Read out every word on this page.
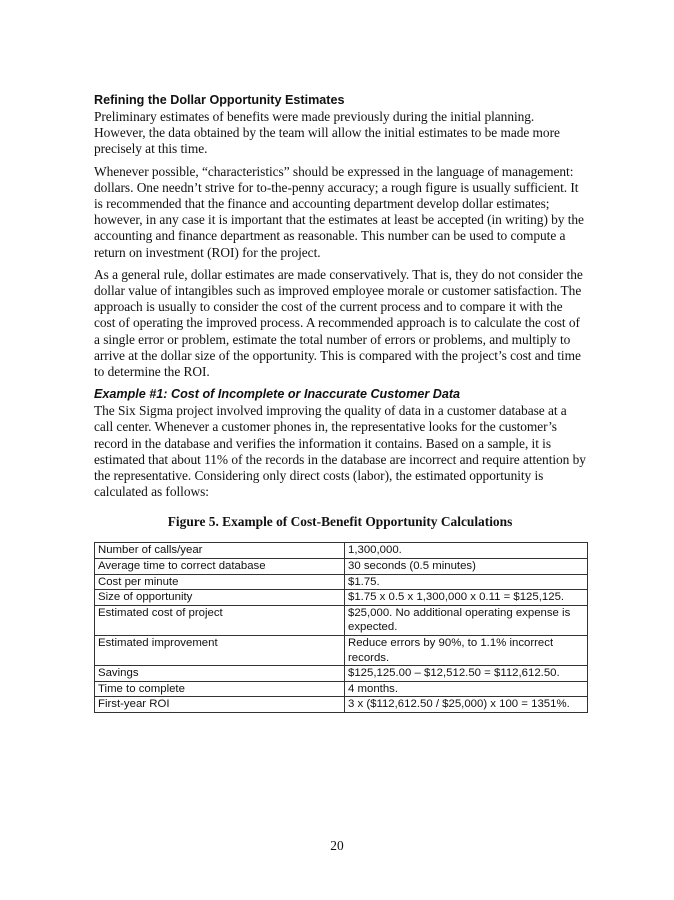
Refining the Dollar Opportunity Estimates

Preliminary estimates of benefits were made previously during the initial planning. However, the data obtained by the team will allow the initial estimates to be made more precisely at this time.

Whenever possible, “characteristics” should be expressed in the language of management: dollars. One needn’t strive for to-the-penny accuracy; a rough figure is usually sufficient. It is recommended that the finance and accounting department develop dollar estimates; however, in any case it is important that the estimates at least be accepted (in writing) by the accounting and finance department as reasonable. This number can be used to compute a return on investment (ROI) for the project.

As a general rule, dollar estimates are made conservatively. That is, they do not consider the dollar value of intangibles such as improved employee morale or customer satisfaction. The approach is usually to consider the cost of the current process and to compare it with the cost of operating the improved process. A recommended approach is to calculate the cost of a single error or problem, estimate the total number of errors or problems, and multiply to arrive at the dollar size of the opportunity. This is compared with the project’s cost and time to determine the ROI.

Example #1: Cost of Incomplete or Inaccurate Customer Data

The Six Sigma project involved improving the quality of data in a customer database at a call center. Whenever a customer phones in, the representative looks for the customer’s record in the database and verifies the information it contains. Based on a sample, it is estimated that about 11% of the records in the database are incorrect and require attention by the representative. Considering only direct costs (labor), the estimated opportunity is calculated as follows:

Figure 5. Example of Cost-Benefit Opportunity Calculations
Number of calls/year	1,300,000.
Average time to correct database	30 seconds (0.5 minutes)
Cost per minute	$1.75.
Size of opportunity	$1.75 x 0.5 x 1,300,000 x 0.11 = $125,125.
Estimated cost of project	$25,000. No additional operating expense is expected.
Estimated improvement	Reduce errors by 90%, to 1.1% incorrect records.
Savings	$125,125.00 – $12,512.50 = $112,612.50.
Time to complete	4 months.
First-year ROI	3 x ($112,612.50 / $25,000) x 100 = 1351%.
20
